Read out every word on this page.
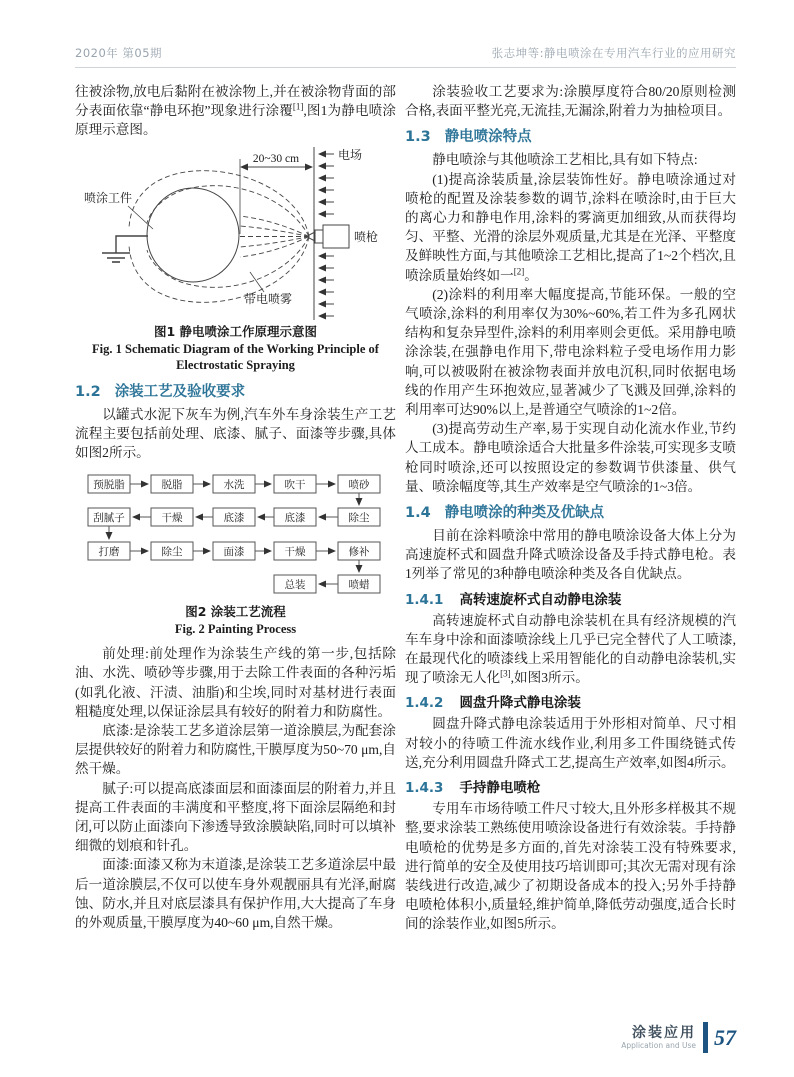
2020年 第05期	张志坤等:静电喷涂在专用汽车行业的应用研究

往被涂物,放电后黏附在被涂物上,并在被涂物背面的部分表面依靠“静电环抱”现象进行涂覆[1],图1为静电喷涂原理示意图。

电场
20~30 cm
喷涂工件
喷枪
带电喷雾
图1 静电喷涂工作原理示意图
Fig. 1 Schematic Diagram of the Working Principle of
Electrostatic Spraying
1.2 涂装工艺及验收要求

以罐式水泥下灰车为例,汽车外车身涂装生产工艺流程主要包括前处理、底漆、腻子、面漆等步骤,具体如图2所示。

预脱脂	脱脂	水洗	吹干	喷砂
刮腻子	干燥	底漆	底漆	除尘
打磨	除尘	面漆	干燥	修补
总装	喷蜡
图2 涂装工艺流程
Fig. 2 Painting Process

前处理:前处理作为涂装生产线的第一步,包括除油、水洗、喷砂等步骤,用于去除工件表面的各种污垢(如乳化液、汗渍、油脂)和尘埃,同时对基材进行表面粗糙度处理,以保证涂层具有较好的附着力和防腐性。

底漆:是涂装工艺多道涂层第一道涂膜层,为配套涂层提供较好的附着力和防腐性,干膜厚度为50~70 μm,自然干燥。

腻子:可以提高底漆面层和面漆面层的附着力,并且提高工件表面的丰满度和平整度,将下面涂层隔绝和封闭,可以防止面漆向下渗透导致涂膜缺陷,同时可以填补细微的划痕和针孔。

面漆:面漆又称为末道漆,是涂装工艺多道涂层中最后一道涂膜层,不仅可以使车身外观靓丽具有光泽,耐腐蚀、防水,并且对底层漆具有保护作用,大大提高了车身的外观质量,干膜厚度为40~60 μm,自然干燥。

涂装验收工艺要求为:涂膜厚度符合80/20原则检测合格,表面平整光亮,无流挂,无漏涂,附着力为抽检项目。

1.3 静电喷涂特点

静电喷涂与其他喷涂工艺相比,具有如下特点:

(1)提高涂装质量,涂层装饰性好。静电喷涂通过对喷枪的配置及涂装参数的调节,涂料在喷涂时,由于巨大的离心力和静电作用,涂料的雾滴更加细致,从而获得均匀、平整、光滑的涂层外观质量,尤其是在光泽、平整度及鲜映性方面,与其他喷涂工艺相比,提高了1~2个档次,且喷涂质量始终如一[2]。

(2)涂料的利用率大幅度提高,节能环保。一般的空气喷涂,涂料的利用率仅为30%~60%,若工件为多孔网状结构和复杂异型件,涂料的利用率则会更低。采用静电喷涂涂装,在强静电作用下,带电涂料粒子受电场作用力影响,可以被吸附在被涂物表面并放电沉积,同时依据电场线的作用产生环抱效应,显著减少了飞溅及回弹,涂料的利用率可达90%以上,是普通空气喷涂的1~2倍。

(3)提高劳动生产率,易于实现自动化流水作业,节约人工成本。静电喷涂适合大批量多件涂装,可实现多支喷枪同时喷涂,还可以按照设定的参数调节供漆量、供气量、喷涂幅度等,其生产效率是空气喷涂的1~3倍。

1.4 静电喷涂的种类及优缺点

目前在涂料喷涂中常用的静电喷涂设备大体上分为高速旋杯式和圆盘升降式喷涂设备及手持式静电枪。表1列举了常见的3种静电喷涂种类及各自优缺点。

1.4.1 高转速旋杯式自动静电涂装

高转速旋杯式自动静电涂装机在具有经济规模的汽车车身中涂和面漆喷涂线上几乎已完全替代了人工喷漆,在最现代化的喷漆线上采用智能化的自动静电涂装机,实现了喷涂无人化[3],如图3所示。

1.4.2 圆盘升降式静电涂装

圆盘升降式静电涂装适用于外形相对简单、尺寸相对较小的待喷工件流水线作业,利用多工件围绕链式传送,充分利用圆盘升降式工艺,提高生产效率,如图4所示。

1.4.3 手持静电喷枪

专用车市场待喷工件尺寸较大,且外形多样极其不规整,要求涂装工熟练使用喷涂设备进行有效涂装。手持静电喷枪的优势是多方面的,首先对涂装工没有特殊要求,进行简单的安全及使用技巧培训即可;其次无需对现有涂装线进行改造,减少了初期设备成本的投入;另外手持静电喷枪体积小,质量轻,维护简单,降低劳动强度,适合长时间的涂装作业,如图5所示。

涂装应用
Application and Use 57
